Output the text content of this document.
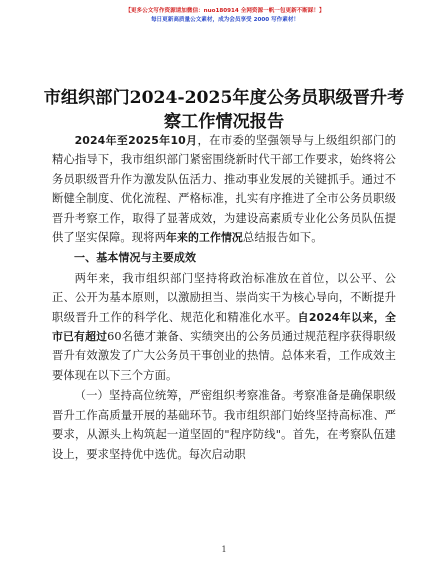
【更多公文写作资源请加微信：nuo180914 全网资源一帆一包更新不断踩！】
每日更新高质量公文素材，成为会员享受 2000 写作素材！
市组织部门2024-2025年度公务员职级晋升考察工作情况报告

2024年至2025年10月，在市委的坚强领导与上级组织部门的精心指导下，我市组织部门紧密围绕新时代干部工作要求，始终将公务员职级晋升作为激发队伍活力、推动事业发展的关键抓手。通过不断健全制度、优化流程、严格标准，扎实有序推进了全市公务员职级晋升考察工作，取得了显著成效，为建设高素质专业化公务员队伍提供了坚实保障。现将两年来的工作情况总结报告如下。

一、基本情况与主要成效

两年来，我市组织部门坚持将政治标准放在首位，以公平、公正、公开为基本原则，以激励担当、崇尚实干为核心导向，不断提升职级晋升工作的科学化、规范化和精准化水平。自2024年以来，全市已有超过60名德才兼备、实绩突出的公务员通过规范程序获得职级晋升有效激发了广大公务员干事创业的热情。总体来看，工作成效主要体现在以下三个方面。

（一）坚持高位统筹，严密组织考察准备。考察准备是确保职级晋升工作高质量开展的基础环节。我市组织部门始终坚持高标准、严要求，从源头上构筑起一道坚固的"程序防线"。首先，在考察队伍建设上，要求坚持优中选优。每次启动职

1
